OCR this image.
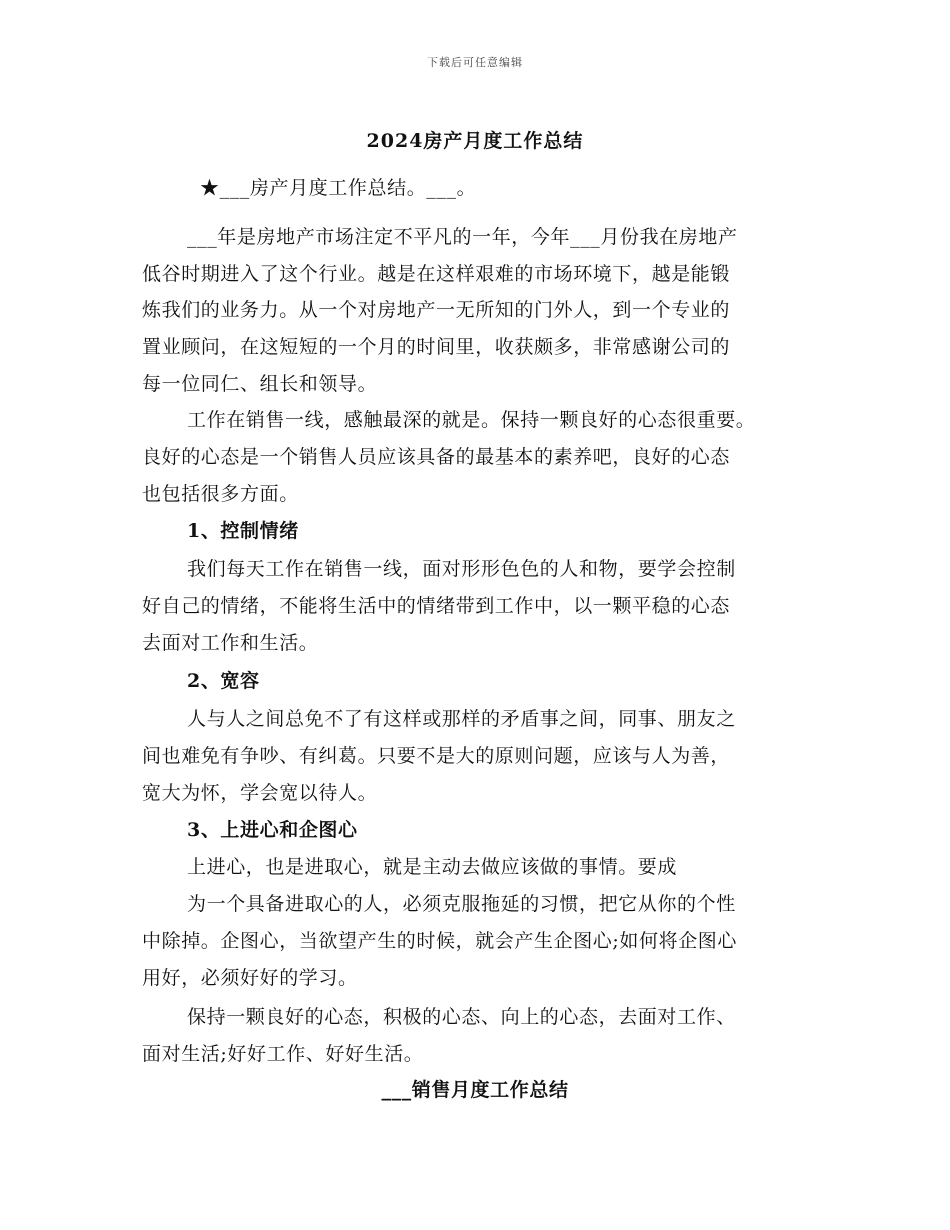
下载后可任意编辑
2024房产月度工作总结
★___房产月度工作总结。___。
___年是房地产市场注定不平凡的一年，今年___月份我在房地产
低谷时期进入了这个行业。越是在这样艰难的市场环境下，越是能锻
炼我们的业务力。从一个对房地产一无所知的门外人，到一个专业的
置业顾问，在这短短的一个月的时间里，收获颇多，非常感谢公司的
每一位同仁、组长和领导。
工作在销售一线，感触最深的就是。保持一颗良好的心态很重要。
良好的心态是一个销售人员应该具备的最基本的素养吧，良好的心态
也包括很多方面。
1、控制情绪
我们每天工作在销售一线，面对形形色色的人和物，要学会控制
好自己的情绪，不能将生活中的情绪带到工作中，以一颗平稳的心态
去面对工作和生活。
2、宽容
人与人之间总免不了有这样或那样的矛盾事之间，同事、朋友之
间也难免有争吵、有纠葛。只要不是大的原则问题，应该与人为善，
宽大为怀，学会宽以待人。
3、上进心和企图心
上进心，也是进取心，就是主动去做应该做的事情。要成
为一个具备进取心的人，必须克服拖延的习惯，把它从你的个性
中除掉。企图心，当欲望产生的时候，就会产生企图心;如何将企图心
用好，必须好好的学习。
保持一颗良好的心态，积极的心态、向上的心态，去面对工作、
面对生活;好好工作、好好生活。
___销售月度工作总结
